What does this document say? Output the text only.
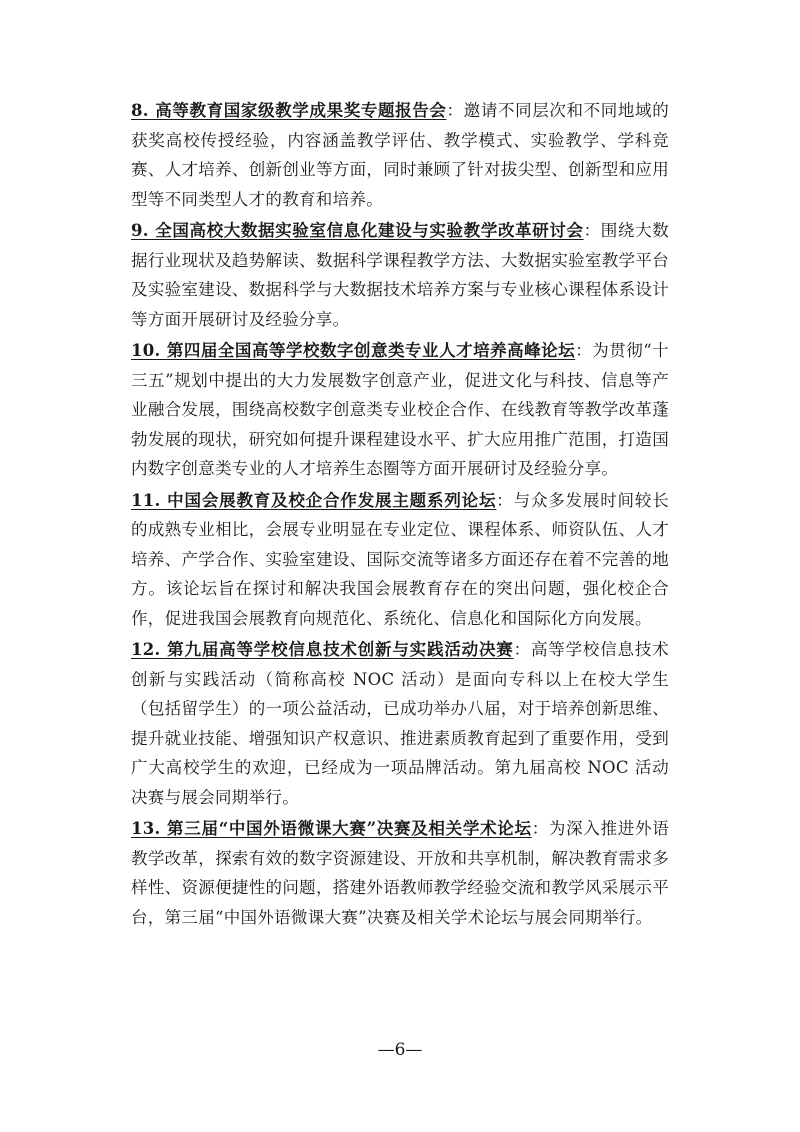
8. 高等教育国家级教学成果奖专题报告会：邀请不同层次和不同地域的获奖高校传授经验，内容涵盖教学评估、教学模式、实验教学、学科竞赛、人才培养、创新创业等方面，同时兼顾了针对拔尖型、创新型和应用型等不同类型人才的教育和培养。

9. 全国高校大数据实验室信息化建设与实验教学改革研讨会：围绕大数据行业现状及趋势解读、数据科学课程教学方法、大数据实验室教学平台及实验室建设、数据科学与大数据技术培养方案与专业核心课程体系设计等方面开展研讨及经验分享。

10. 第四届全国高等学校数字创意类专业人才培养高峰论坛：为贯彻“十三五”规划中提出的大力发展数字创意产业，促进文化与科技、信息等产业融合发展，围绕高校数字创意类专业校企合作、在线教育等教学改革蓬勃发展的现状，研究如何提升课程建设水平、扩大应用推广范围，打造国内数字创意类专业的人才培养生态圈等方面开展研讨及经验分享。

11. 中国会展教育及校企合作发展主题系列论坛：与众多发展时间较长的成熟专业相比，会展专业明显在专业定位、课程体系、师资队伍、人才培养、产学合作、实验室建设、国际交流等诸多方面还存在着不完善的地方。该论坛旨在探讨和解决我国会展教育存在的突出问题，强化校企合作，促进我国会展教育向规范化、系统化、信息化和国际化方向发展。

12. 第九届高等学校信息技术创新与实践活动决赛：高等学校信息技术创新与实践活动（简称高校 NOC 活动）是面向专科以上在校大学生（包括留学生）的一项公益活动，已成功举办八届，对于培养创新思维、提升就业技能、增强知识产权意识、推进素质教育起到了重要作用，受到广大高校学生的欢迎，已经成为一项品牌活动。第九届高校 NOC 活动决赛与展会同期举行。

13. 第三届“中国外语微课大赛”决赛及相关学术论坛：为深入推进外语教学改革，探索有效的数字资源建设、开放和共享机制，解决教育需求多样性、资源便捷性的问题，搭建外语教师教学经验交流和教学风采展示平台，第三届“中国外语微课大赛”决赛及相关学术论坛与展会同期举行。

—6—
